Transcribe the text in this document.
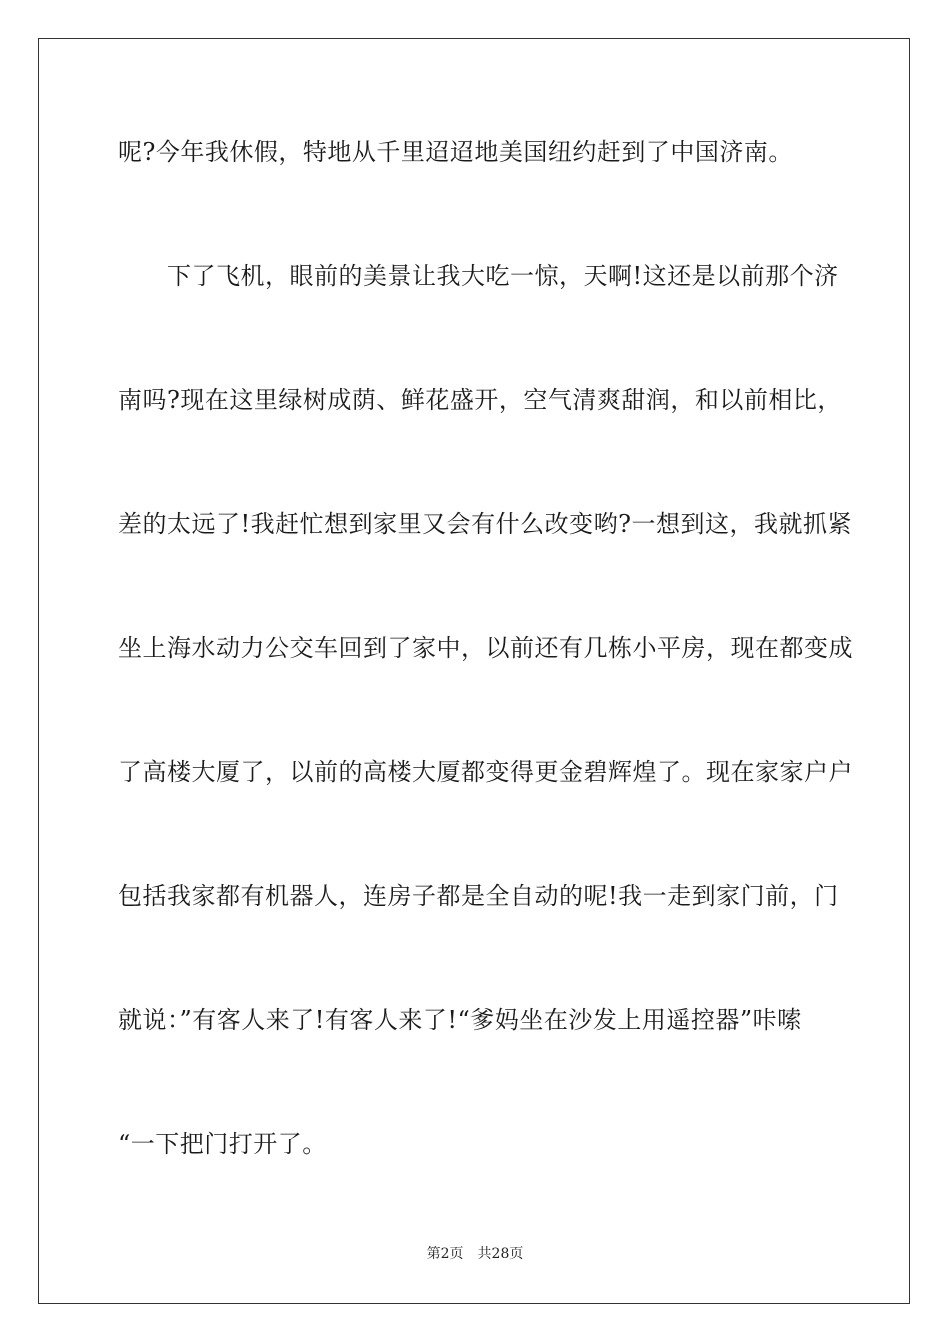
呢?今年我休假，特地从千里迢迢地美国纽约赶到了中国济南。
　　下了飞机，眼前的美景让我大吃一惊，天啊!这还是以前那个济
南吗?现在这里绿树成荫、鲜花盛开，空气清爽甜润，和以前相比，
差的太远了!我赶忙想到家里又会有什么改变哟?一想到这，我就抓紧
坐上海水动力公交车回到了家中，以前还有几栋小平房，现在都变成
了高楼大厦了，以前的高楼大厦都变得更金碧辉煌了。现在家家户户
包括我家都有机器人，连房子都是全自动的呢!我一走到家门前，门
就说：”有客人来了!有客人来了!“爹妈坐在沙发上用遥控器”咔嗦
“一下把门打开了。
第2页 共28页
